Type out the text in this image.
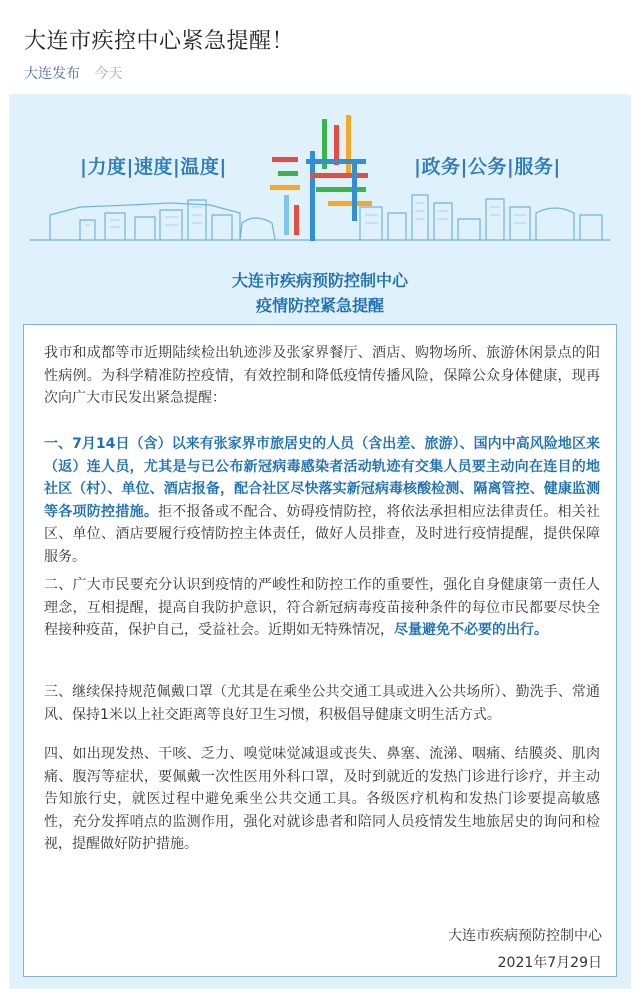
大连市疾控中心紧急提醒！
大连发布 今天
|力度|速度|温度|	|政务|公务|服务|
大连市疾病预防控制中心
疫情防控紧急提醒

我市和成都等市近期陆续检出轨迹涉及张家界餐厅、酒店、购物场所、旅游休闲景点的阳性病例。为科学精准防控疫情，有效控制和降低疫情传播风险，保障公众身体健康，现再次向广大市民发出紧急提醒：

一、7月14日（含）以来有张家界市旅居史的人员（含出差、旅游）、国内中高风险地区来（返）连人员，尤其是与已公布新冠病毒感染者活动轨迹有交集人员要主动向在连目的地社区（村）、单位、酒店报备，配合社区尽快落实新冠病毒核酸检测、隔离管控、健康监测等各项防控措施。拒不报备或不配合、妨碍疫情防控，将依法承担相应法律责任。相关社区、单位、酒店要履行疫情防控主体责任，做好人员排查，及时进行疫情提醒，提供保障服务。

二、广大市民要充分认识到疫情的严峻性和防控工作的重要性，强化自身健康第一责任人理念，互相提醒，提高自我防护意识，符合新冠病毒疫苗接种条件的每位市民都要尽快全程接种疫苗，保护自己，受益社会。近期如无特殊情况，尽量避免不必要的出行。

三、继续保持规范佩戴口罩（尤其是在乘坐公共交通工具或进入公共场所）、勤洗手、常通风、保持1米以上社交距离等良好卫生习惯，积极倡导健康文明生活方式。

四、如出现发热、干咳、乏力、嗅觉味觉减退或丧失、鼻塞、流涕、咽痛、结膜炎、肌肉痛、腹泻等症状，要佩戴一次性医用外科口罩，及时到就近的发热门诊进行诊疗，并主动告知旅行史，就医过程中避免乘坐公共交通工具。各级医疗机构和发热门诊要提高敏感性，充分发挥哨点的监测作用，强化对就诊患者和陪同人员疫情发生地旅居史的询问和检视，提醒做好防护措施。

大连市疾病预防控制中心
2021年7月29日
